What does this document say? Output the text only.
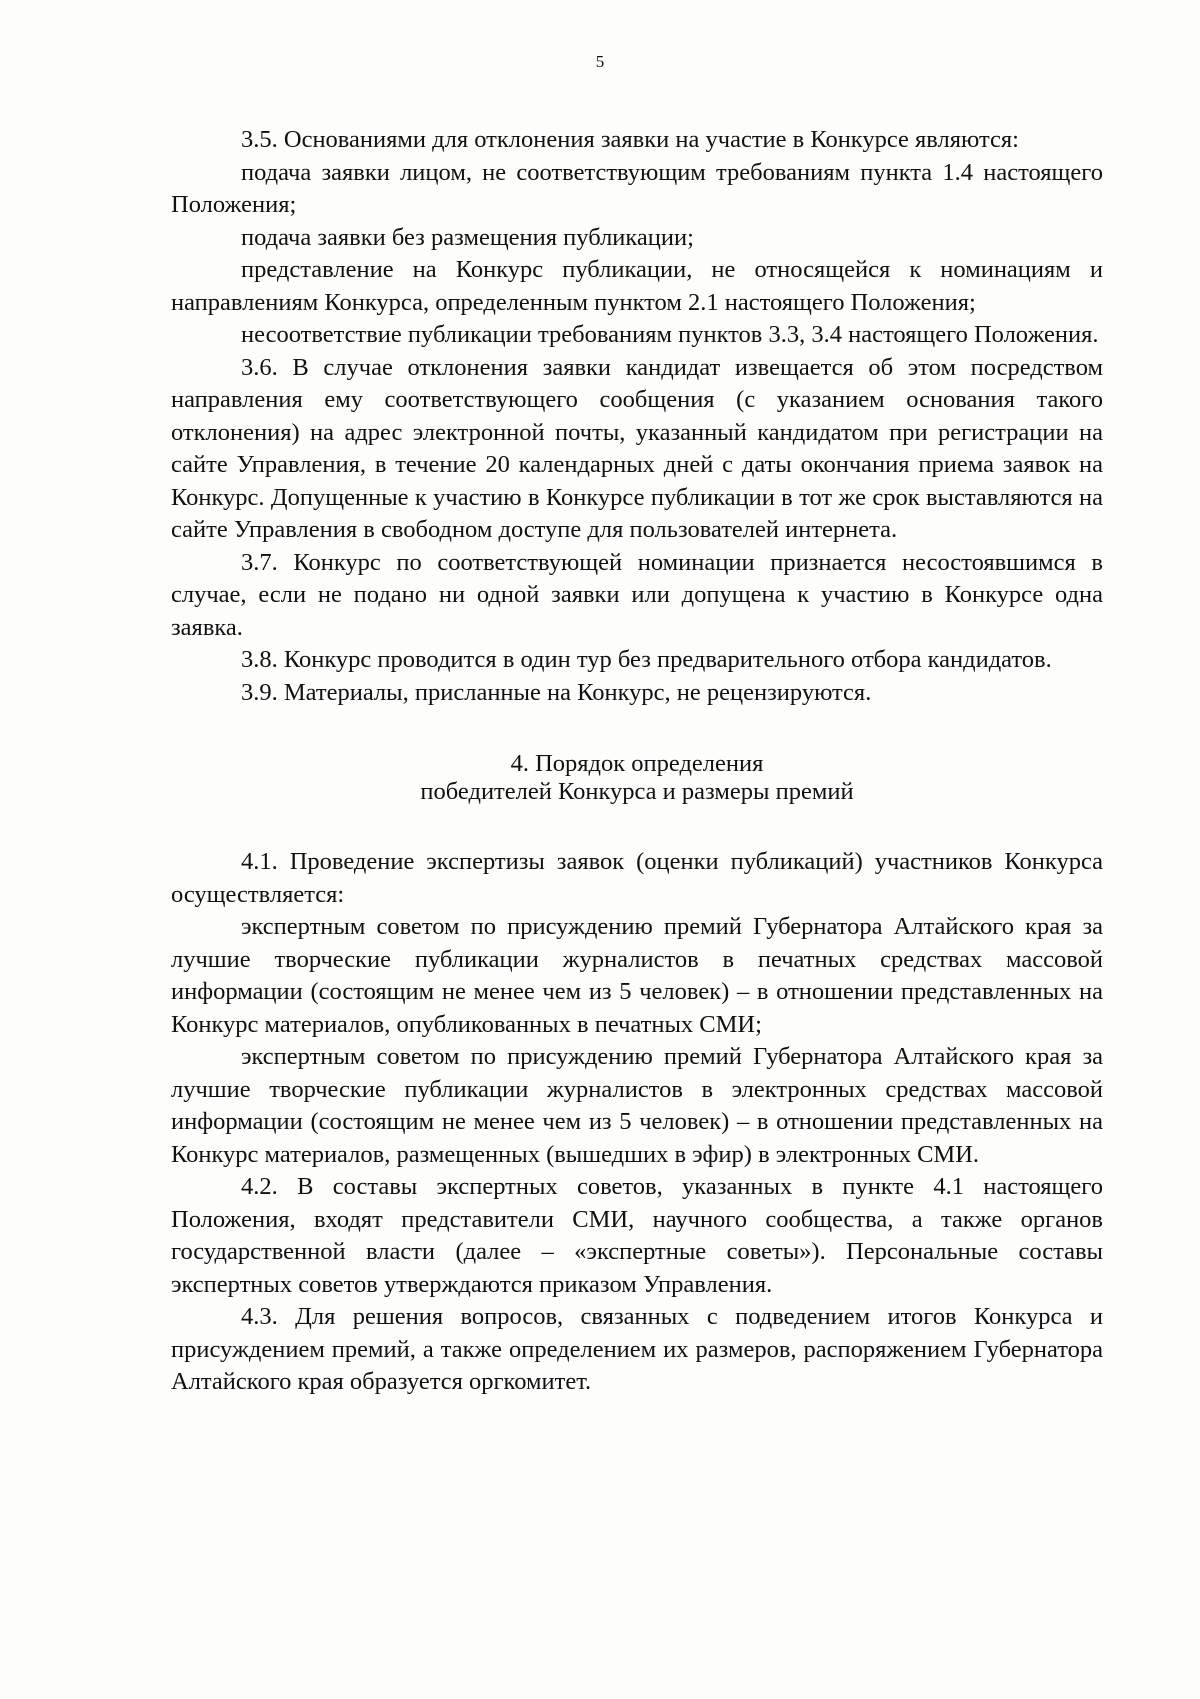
5

3.5. Основаниями для отклонения заявки на участие в Конкурсе являются:

подача заявки лицом, не соответствующим требованиям пункта 1.4 настоящего Положения;

подача заявки без размещения публикации;

представление на Конкурс публикации, не относящейся к номинациям и направлениям Конкурса, определенным пунктом 2.1 настоящего Положения;

несоответствие публикации требованиям пунктов 3.3, 3.4 настоящего Положения.

3.6. В случае отклонения заявки кандидат извещается об этом посредством направления ему соответствующего сообщения (с указанием основания такого отклонения) на адрес электронной почты, указанный кандидатом при регистрации на сайте Управления, в течение 20 календарных дней с даты окончания приема заявок на Конкурс. Допущенные к участию в Конкурсе публикации в тот же срок выставляются на сайте Управления в свободном доступе для пользователей интернета.

3.7. Конкурс по соответствующей номинации признается несостоявшимся в случае, если не подано ни одной заявки или допущена к участию в Конкурсе одна заявка.

3.8. Конкурс проводится в один тур без предварительного отбора кандидатов.

3.9. Материалы, присланные на Конкурс, не рецензируются.

4. Порядок определения
победителей Конкурса и размеры премий

4.1. Проведение экспертизы заявок (оценки публикаций) участников Конкурса осуществляется:

экспертным советом по присуждению премий Губернатора Алтайского края за лучшие творческие публикации журналистов в печатных средствах массовой информации (состоящим не менее чем из 5 человек) – в отношении представленных на Конкурс материалов, опубликованных в печатных СМИ;

экспертным советом по присуждению премий Губернатора Алтайского края за лучшие творческие публикации журналистов в электронных средствах массовой информации (состоящим не менее чем из 5 человек) – в отношении представленных на Конкурс материалов, размещенных (вышедших в эфир) в электронных СМИ.

4.2. В составы экспертных советов, указанных в пункте 4.1 настоящего Положения, входят представители СМИ, научного сообщества, а также органов государственной власти (далее – «экспертные советы»). Персональные составы экспертных советов утверждаются приказом Управления.

4.3. Для решения вопросов, связанных с подведением итогов Конкурса и присуждением премий, а также определением их размеров, распоряжением Губернатора Алтайского края образуется оргкомитет.
